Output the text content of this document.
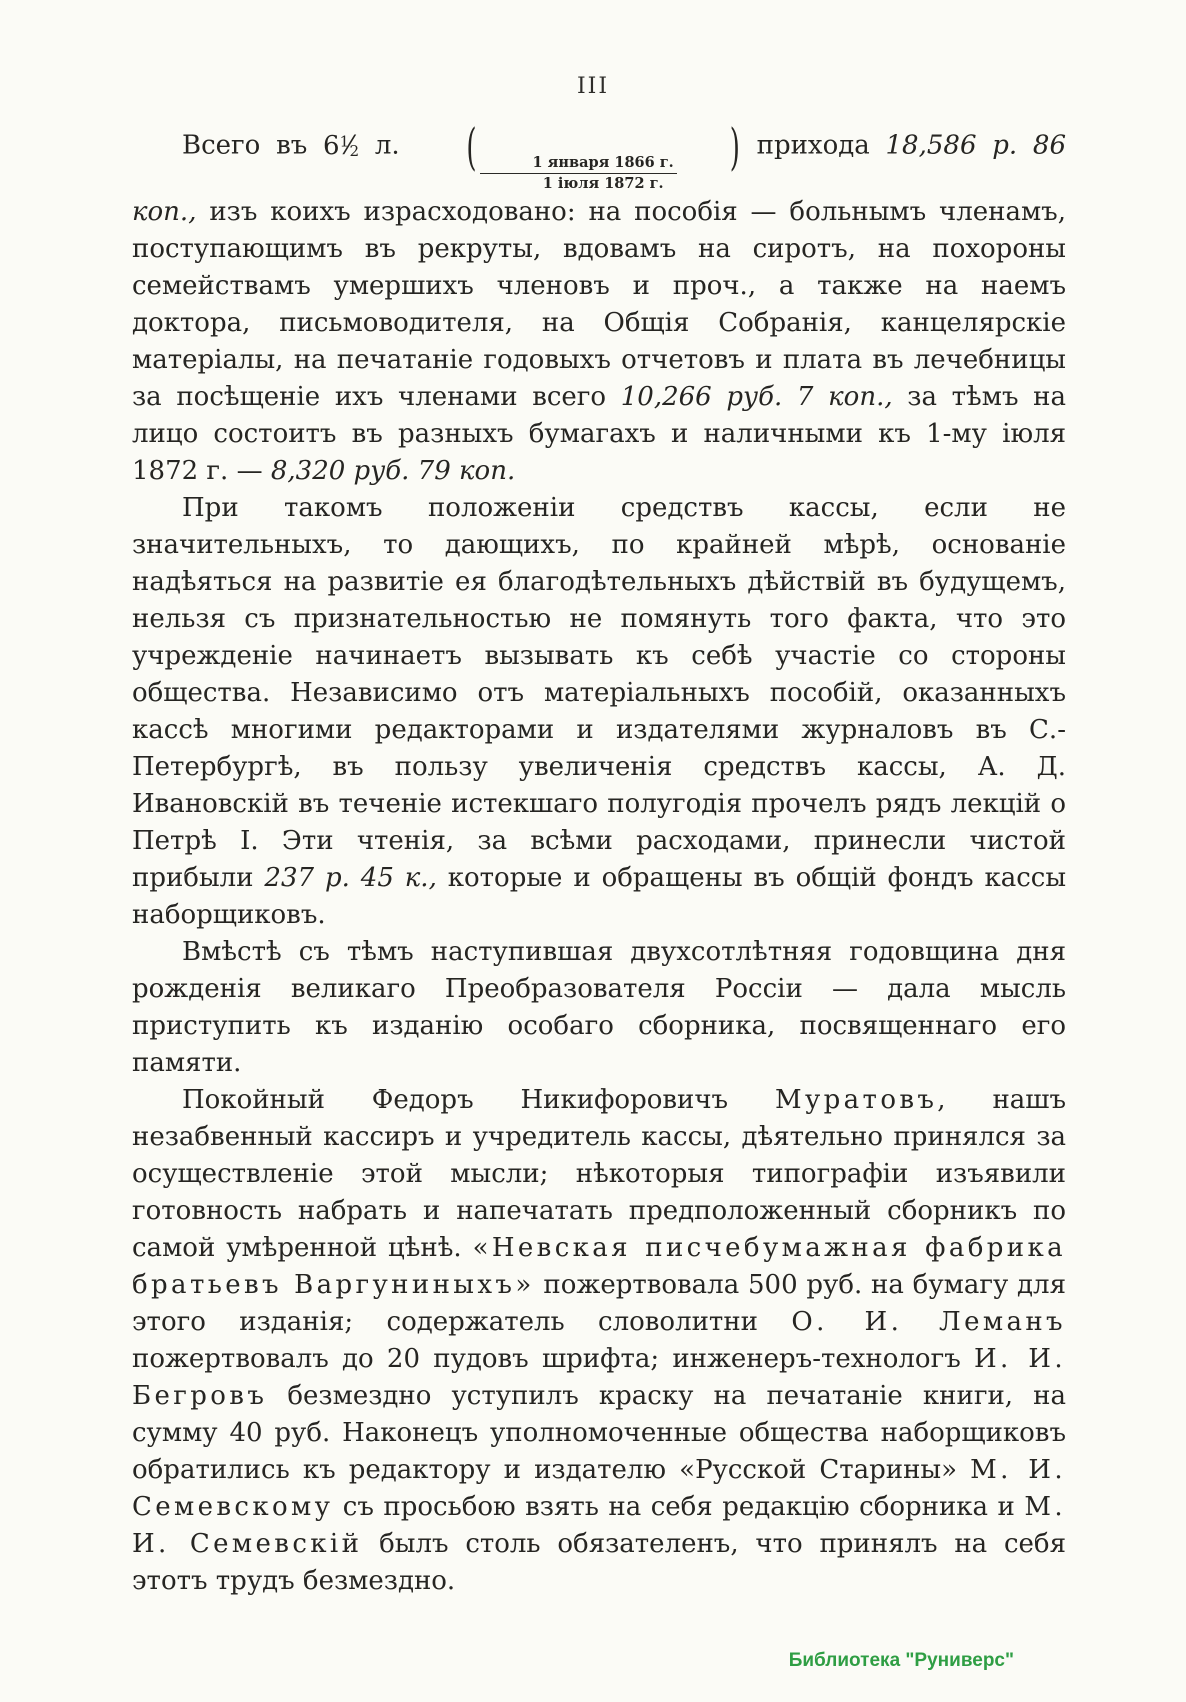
III

Всего въ $6^1⁄_2$ л. (	1 января 1866 г.
1 іюля 1872 г.
) прихода 18,586 р. 86 коп., изъ коихъ израсходовано: на пособія — больнымъ членамъ, поступающимъ въ рекруты, вдовамъ на сиротъ, на похороны семействамъ умершихъ членовъ и проч., а также на наемъ доктора, письмоводителя, на Общія Собранія, канцелярскіе матеріалы, на печатаніе годовыхъ отчетовъ и плата въ лечебницы за посѣщеніе ихъ членами всего 10,266 руб. 7 коп., за тѣмъ на лицо состоитъ въ разныхъ бумагахъ и наличными къ 1-му іюля 1872 г. — 8,320 руб. 79 коп.

При такомъ положеніи средствъ кассы, если не значительныхъ, то дающихъ, по крайней мѣрѣ, основаніе надѣяться на развитіе ея благодѣтельныхъ дѣйствій въ будущемъ, нельзя съ признательностью не помянуть того факта, что это учрежденіе начинаетъ вызывать къ себѣ участіе со стороны общества. Независимо отъ матеріальныхъ пособій, оказанныхъ кассѣ многими редакторами и издателями журналовъ въ С.-Петербургѣ, въ пользу увеличенія средствъ кассы, А. Д. Ивановскій въ теченіе истекшаго полугодія прочелъ рядъ лекцій о Петрѣ I. Эти чтенія, за всѣми расходами, принесли чистой прибыли 237 р. 45 к., которые и обращены въ общій фондъ кассы наборщиковъ.

Вмѣстѣ съ тѣмъ наступившая двухсотлѣтняя годовщина дня рожденія великаго Преобразователя Россіи — дала мысль приступить къ изданію особаго сборника, посвященнаго его памяти.

Покойный Федоръ Никифоровичъ Муратовъ, нашъ незабвенный кассиръ и учредитель кассы, дѣятельно принялся за осуществленіе этой мысли; нѣкоторыя типографіи изъявили готовность набрать и напечатать предположенный сборникъ по самой умѣренной цѣнѣ. «Невская писчебумажная фабрика братьевъ Варгуниныхъ» пожертвовала 500 руб. на бумагу для этого изданія; содержатель словолитни О. И. Леманъ пожертвовалъ до 20 пудовъ шрифта; инженеръ-технологъ И. И. Бегровъ безмездно уступилъ краску на печатаніе книги, на сумму 40 руб. Наконецъ уполномоченные общества наборщиковъ обратились къ редактору и издателю «Русской Старины» М. И. Семевскому съ просьбою взять на себя редакцію сборника и М. И. Семевскій былъ столь обязателенъ, что принялъ на себя этотъ трудъ безмездно.

Библиотека "Руниверс"
